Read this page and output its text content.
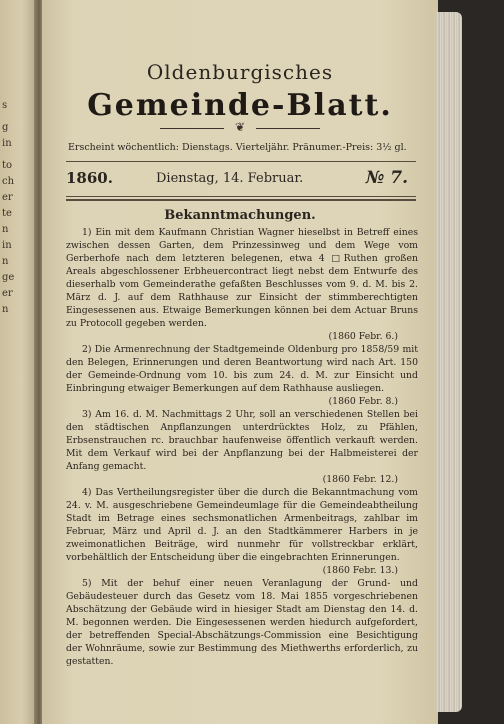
s
g
in
to
ch
er
te
n
in
n
ge
er
n
Oldenburgisches
Gemeinde-Blatt.
❦
Erscheint wöchentlich: Dienstags. Vierteljähr. Pränumer.-Preis: 3½ gl.
1860.	Dienstag, 14. Februar.	№ 7.
Bekanntmachungen.

1) Ein mit dem Kaufmann Christian Wagner hieselbst in Betreff eines zwischen dessen Garten, dem Prinzessinweg und dem Wege vom Gerberhofe nach dem letzteren belegenen, etwa 4 □Ruthen großen Areals abgeschlossener Erbheuercontract liegt nebst dem Entwurfe des dieserhalb vom Gemeinderathe gefaßten Beschlusses vom 9. d. M. bis 2. März d. J. auf dem Rathhause zur Einsicht der stimmberechtigten Eingesessenen aus. Etwaige Bemerkungen können bei dem Actuar Bruns zu Protocoll gegeben werden.
(1860 Febr. 6.)

2) Die Armenrechnung der Stadtgemeinde Oldenburg pro 1858/59 mit den Belegen, Erinnerungen und deren Beantwortung wird nach Art. 150 der Gemeinde-Ordnung vom 10. bis zum 24. d. M. zur Einsicht und Einbringung etwaiger Bemerkungen auf dem Rathhause ausliegen.
(1860 Febr. 8.)

3) Am 16. d. M. Nachmittags 2 Uhr, soll an verschiedenen Stellen bei den städtischen Anpflanzungen unterdrücktes Holz, zu Pfählen, Erbsenstrauchen rc. brauchbar haufenweise öffentlich verkauft werden. Mit dem Verkauf wird bei der Anpflanzung bei der Halbmeisterei der Anfang gemacht.
(1860 Febr. 12.)

4) Das Vertheilungsregister über die durch die Bekanntmachung vom 24. v. M. ausgeschriebene Gemeindeumlage für die Gemeindeabtheilung Stadt im Betrage eines sechsmonatlichen Armenbeitrags, zahlbar im Februar, März und April d. J. an den Stadtkämmerer Harbers in je zweimonatlichen Beiträge, wird nunmehr für vollstreckbar erklärt, vorbehältlich der Entscheidung über die eingebrachten Erinnerungen.
(1860 Febr. 13.)

5) Mit der behuf einer neuen Veranlagung der Grund- und Gebäudesteuer durch das Gesetz vom 18. Mai 1855 vorgeschriebenen Abschätzung der Gebäude wird in hiesiger Stadt am Dienstag den 14. d. M. begonnen werden. Die Eingesessenen werden hiedurch aufgefordert, der betreffenden Special-Abschätzungs-Commission eine Besichtigung der Wohnräume, sowie zur Bestimmung des Miethwerths erforderlich, zu gestatten.
